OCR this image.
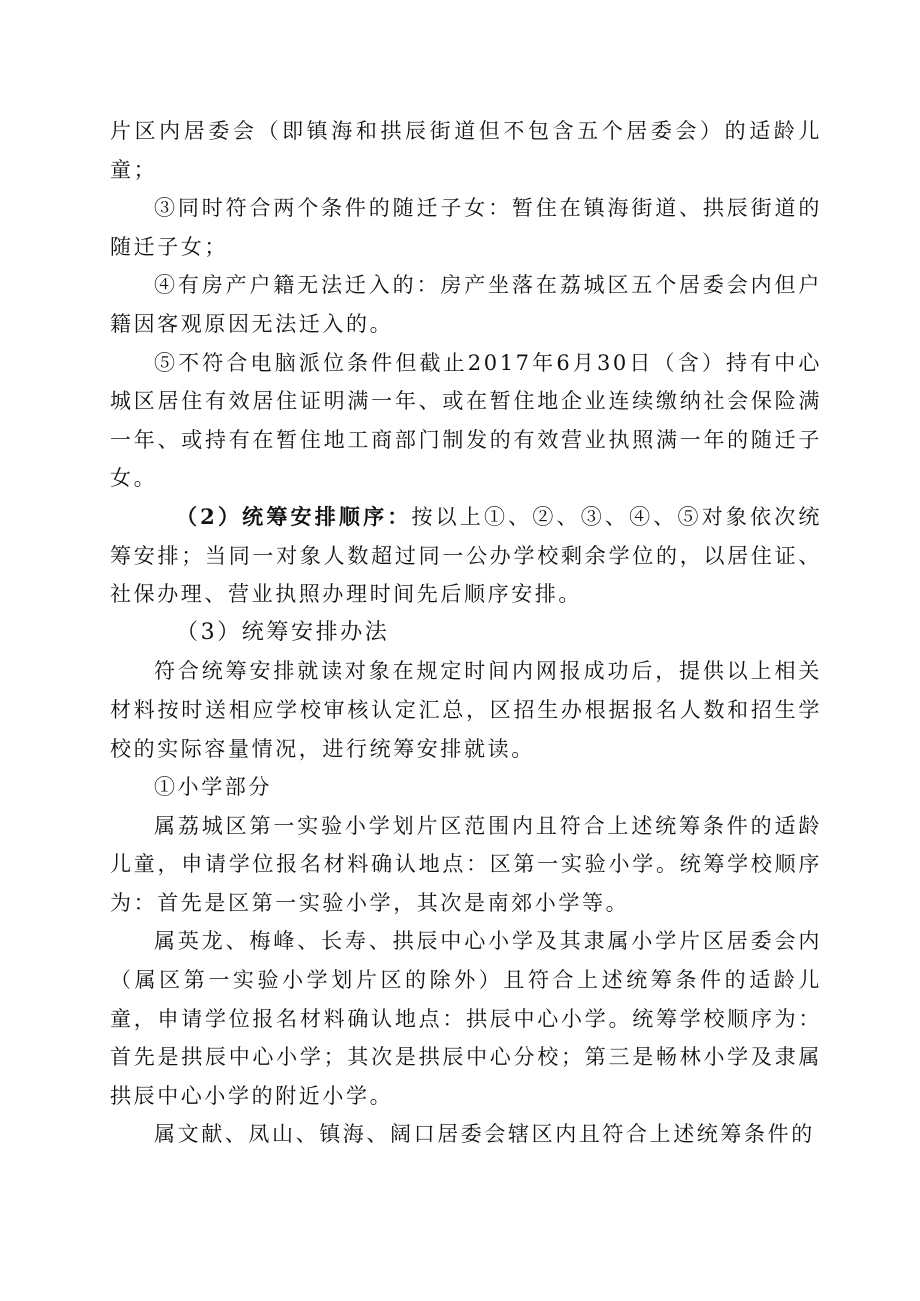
片区内居委会（即镇海和拱辰街道但不包含五个居委会）的适龄儿童；

③同时符合两个条件的随迁子女：暂住在镇海街道、拱辰街道的随迁子女；

④有房产户籍无法迁入的：房产坐落在荔城区五个居委会内但户籍因客观原因无法迁入的。

⑤不符合电脑派位条件但截止2017年6月30日（含）持有中心城区居住有效居住证明满一年、或在暂住地企业连续缴纳社会保险满一年、或持有在暂住地工商部门制发的有效营业执照满一年的随迁子女。

（2）统筹安排顺序：按以上①、②、③、④、⑤对象依次统筹安排；当同一对象人数超过同一公办学校剩余学位的，以居住证、社保办理、营业执照办理时间先后顺序安排。

（3）统筹安排办法

符合统筹安排就读对象在规定时间内网报成功后，提供以上相关材料按时送相应学校审核认定汇总，区招生办根据报名人数和招生学校的实际容量情况，进行统筹安排就读。

①小学部分

属荔城区第一实验小学划片区范围内且符合上述统筹条件的适龄儿童，申请学位报名材料确认地点：区第一实验小学。统筹学校顺序为：首先是区第一实验小学，其次是南郊小学等。

属英龙、梅峰、长寿、拱辰中心小学及其隶属小学片区居委会内（属区第一实验小学划片区的除外）且符合上述统筹条件的适龄儿童，申请学位报名材料确认地点：拱辰中心小学。统筹学校顺序为：首先是拱辰中心小学；其次是拱辰中心分校；第三是畅林小学及隶属拱辰中心小学的附近小学。

属文献、凤山、镇海、阔口居委会辖区内且符合上述统筹条件的
